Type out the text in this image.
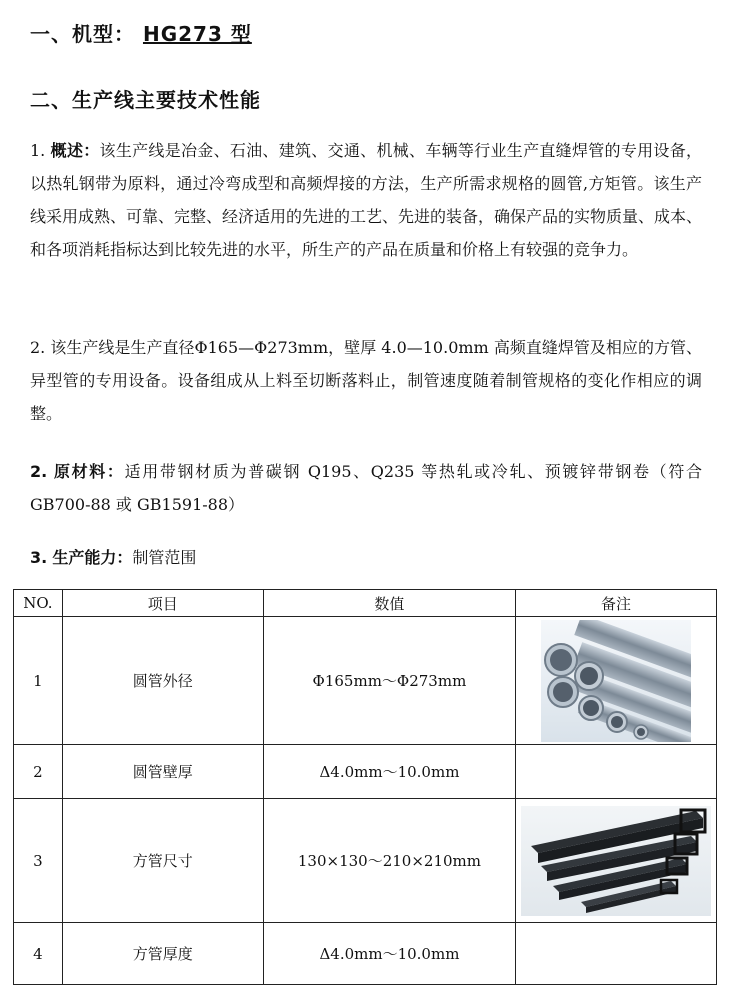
一、机型： HG273 型
二、生产线主要技术性能
1. 概述：该生产线是冶金、石油、建筑、交通、机械、车辆等行业生产直缝焊管的专用设备，以热轧钢带为原料，通过冷弯成型和高频焊接的方法，生产所需求规格的圆管,方矩管。该生产线采用成熟、可靠、完整、经济适用的先进的工艺、先进的装备，确保产品的实物质量、成本、和各项消耗指标达到比较先进的水平，所生产的产品在质量和价格上有较强的竞争力。
2. 该生产线是生产直径Φ165—Φ273mm，壁厚 4.0—10.0mm 高频直缝焊管及相应的方管、异型管的专用设备。设备组成从上料至切断落料止，制管速度随着制管规格的变化作相应的调整。
2. 原材料：适用带钢材质为普碳钢 Q195、Q235 等热轧或冷轧、预镀锌带钢卷（符合 GB700-88 或 GB1591-88）
3. 生产能力：制管范围
NO.	项目	数值	备注
1	圆管外径	Φ165mm～Φ273mm	

2	圆管壁厚	Δ4.0mm～10.0mm	
3	方管尺寸	130×130～210×210mm	

4	方管厚度	Δ4.0mm～10.0mm	
